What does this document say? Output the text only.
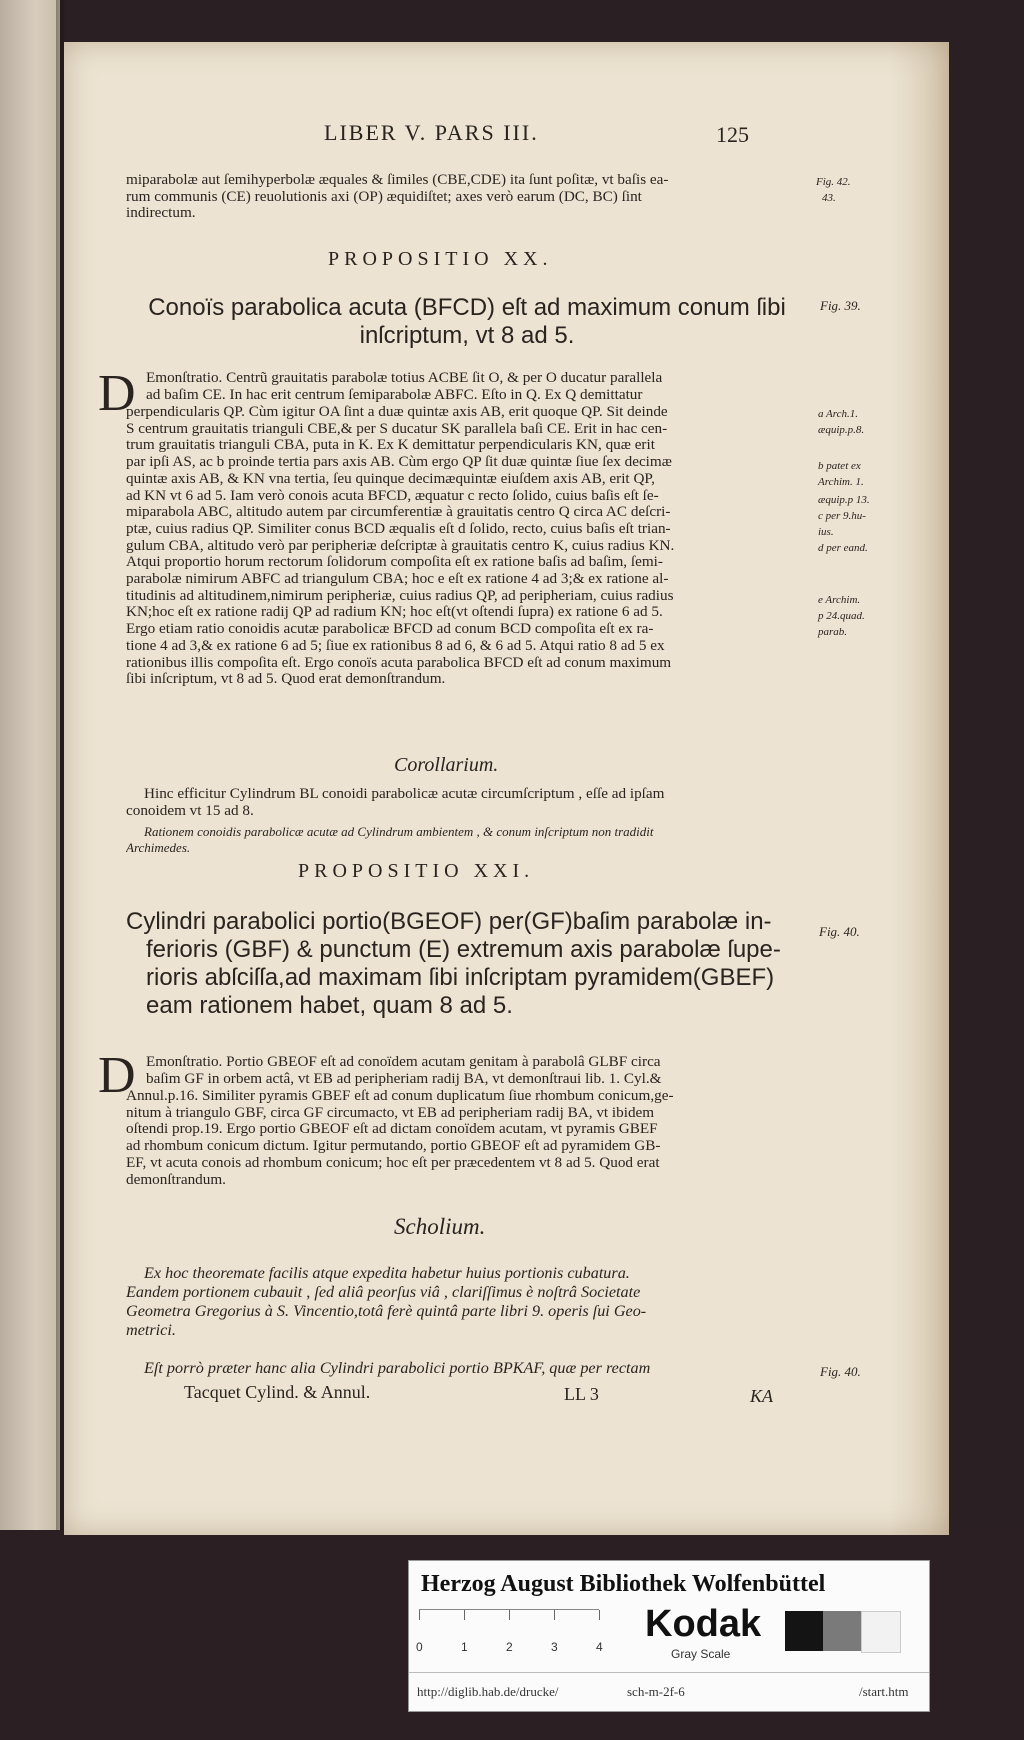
LIBER V. PARS III.	125
miparabolæ aut ſemihyperbolæ æquales & ſimiles (CBE,CDE) ita ſunt poſitæ, vt baſis ea-
rum communis (CE) reuolutionis axi (OP) æquidiſtet; axes verò earum (DC, BC) ſint
indirectum.
Fig. 42.
43.
PROPOSITIO XX.
Conoïs parabolica acuta (BFCD) eſt ad maximum conum ſibi
inſcriptum, vt 8 ad 5.
Fig. 39.
D Emonſtratio. Centrũ grauitatis parabolæ totius ACBE ſit O, & per O ducatur parallela
ad baſim CE. In hac erit centrum ſemiparabolæ ABFC. Eſto in Q. Ex Q demittatur
perpendicularis QP. Cùm igitur OA ſint a duæ quintæ axis AB, erit quoque QP. Sit deinde
S centrum grauitatis trianguli CBE,& per S ducatur SK parallela baſi CE. Erit in hac cen-
trum grauitatis trianguli CBA, puta in K. Ex K demittatur perpendicularis KN, quæ erit
par ipſi AS, ac b proinde tertia pars axis AB. Cùm ergo QP ſit duæ quintæ ſiue ſex decimæ
quintæ axis AB, & KN vna tertia, ſeu quinque decimæquintæ eiuſdem axis AB, erit QP,
ad KN vt 6 ad 5. Iam verò conois acuta BFCD, æquatur c recto ſolido, cuius baſis eſt ſe-
miparabola ABC, altitudo autem par circumferentiæ à grauitatis centro Q circa AC deſcri-
ptæ, cuius radius QP. Similiter conus BCD æqualis eſt d ſolido, recto, cuius baſis eſt trian-
gulum CBA, altitudo verò par peripheriæ deſcriptæ à grauitatis centro K, cuius radius KN.
Atqui proportio horum rectorum ſolidorum compoſita eſt ex ratione baſis ad baſim, ſemi-
parabolæ nimirum ABFC ad triangulum CBA; hoc e eſt ex ratione 4 ad 3;& ex ratione al-
titudinis ad altitudinem,nimirum peripheriæ, cuius radius QP, ad peripheriam, cuius radius
KN;hoc eſt ex ratione radij QP ad radium KN; hoc eſt(vt oſtendi ſupra) ex ratione 6 ad 5.
Ergo etiam ratio conoidis acutæ parabolicæ BFCD ad conum BCD compoſita eſt ex ra-
tione 4 ad 3,& ex ratione 6 ad 5; ſiue ex rationibus 8 ad 6, & 6 ad 5. Atqui ratio 8 ad 5 ex
rationibus illis compoſita eſt. Ergo conoïs acuta parabolica BFCD eſt ad conum maximum
ſibi inſcriptum, vt 8 ad 5. Quod erat demonſtrandum.
a Arch.1.
æquip.p.8.
b patet ex
Archim. 1.
æquip.p 13.
c per 9.hu-
ius.
d per eand.
e Archim.
p 24.quad.
parab.
Corollarium.
Hinc efficitur Cylindrum BL conoidi parabolicæ acutæ circumſcriptum , eſſe ad ipſam
conoidem vt 15 ad 8.
Rationem conoidis parabolicæ acutæ ad Cylindrum ambientem , & conum inſcriptum non tradidit
Archimedes.
PROPOSITIO XXI.
Cylindri parabolici portio(BGEOF) per(GF)baſim parabolæ in-
ferioris (GBF) & punctum (E) extremum axis parabolæ ſupe-
rioris abſciſſa,ad maximam ſibi inſcriptam pyramidem(GBEF)
eam rationem habet, quam 8 ad 5.
Fig. 40.
D Emonſtratio. Portio GBEOF eſt ad conoïdem acutam genitam à parabolâ GLBF circa
baſim GF in orbem actâ, vt EB ad peripheriam radij BA, vt demonſtraui lib. 1. Cyl.&
Annul.p.16. Similiter pyramis GBEF eſt ad conum duplicatum ſiue rhombum conicum,ge-
nitum à triangulo GBF, circa GF circumacto, vt EB ad peripheriam radij BA, vt ibidem
oſtendi prop.19. Ergo portio GBEOF eſt ad dictam conoïdem acutam, vt pyramis GBEF
ad rhombum conicum dictum. Igitur permutando, portio GBEOF eſt ad pyramidem GB-
EF, vt acuta conois ad rhombum conicum; hoc eſt per præcedentem vt 8 ad 5. Quod erat
demonſtrandum.
Scholium.
Ex hoc theoremate facilis atque expedita habetur huius portionis cubatura.
Eandem portionem cubauit , ſed aliâ peorſus viâ , clariſſimus è noſtrâ Societate
Geometra Gregorius à S. Vincentio,totâ ferè quintâ parte libri 9. operis ſui Geo-
metrici.
Eſt porrò præter hanc alia Cylindri parabolici portio BPKAF, quæ per rectam	Fig. 40.
Tacquet Cylind. & Annul.	LL 3	KA
Herzog August Bibliothek Wolfenbüttel
0	1	2	3	4
Kodak
Gray Scale
http://diglib.hab.de/drucke/	sch-m-2f-6	/start.htm
